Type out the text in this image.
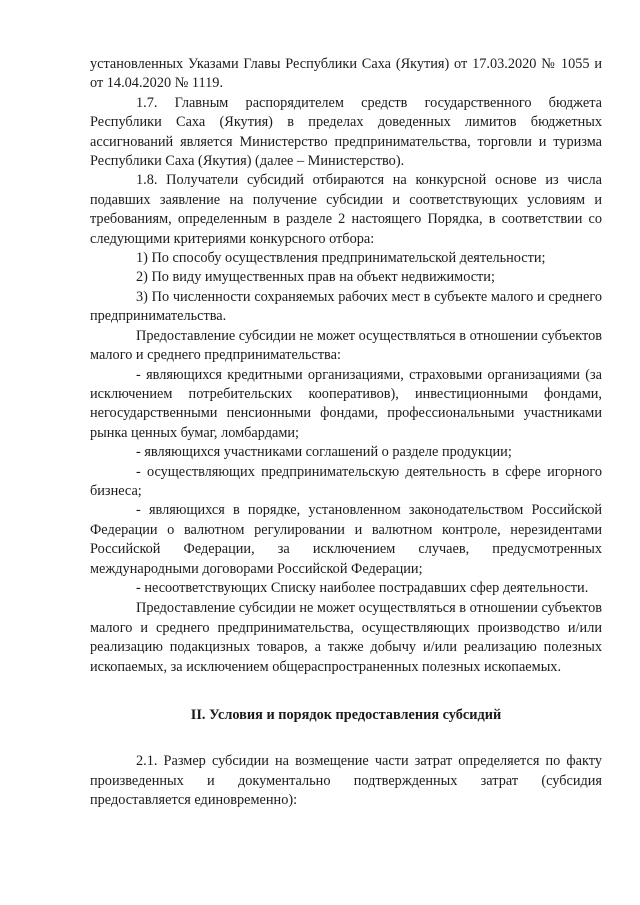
установленных Указами Главы Республики Саха (Якутия) от 17.03.2020 № 1055 и от 14.04.2020 № 1119.

1.7. Главным распорядителем средств государственного бюджета Республики Саха (Якутия) в пределах доведенных лимитов бюджетных ассигнований является Министерство предпринимательства, торговли и туризма Республики Саха (Якутия) (далее – Министерство).

1.8. Получатели субсидий отбираются на конкурсной основе из числа подавших заявление на получение субсидии и соответствующих условиям и требованиям, определенным в разделе 2 настоящего Порядка, в соответствии со следующими критериями конкурсного отбора:

1) По способу осуществления предпринимательской деятельности;

2) По виду имущественных прав на объект недвижимости;

3) По численности сохраняемых рабочих мест в субъекте малого и среднего предпринимательства.

Предоставление субсидии не может осуществляться в отношении субъектов малого и среднего предпринимательства:

- являющихся кредитными организациями, страховыми организациями (за исключением потребительских кооперативов), инвестиционными фондами, негосударственными пенсионными фондами, профессиональными участниками рынка ценных бумаг, ломбардами;

- являющихся участниками соглашений о разделе продукции;

- осуществляющих предпринимательскую деятельность в сфере игорного бизнеса;

- являющихся в порядке, установленном законодательством Российской Федерации о валютном регулировании и валютном контроле, нерезидентами Российской Федерации, за исключением случаев, предусмотренных международными договорами Российской Федерации;

- несоответствующих Списку наиболее пострадавших сфер деятельности.

Предоставление субсидии не может осуществляться в отношении субъектов малого и среднего предпринимательства, осуществляющих производство и/или реализацию подакцизных товаров, а также добычу и/или реализацию полезных ископаемых, за исключением общераспространенных полезных ископаемых.

II. Условия и порядок предоставления субсидий

2.1. Размер субсидии на возмещение части затрат определяется по факту произведенных и документально подтвержденных затрат (субсидия предоставляется единовременно):
